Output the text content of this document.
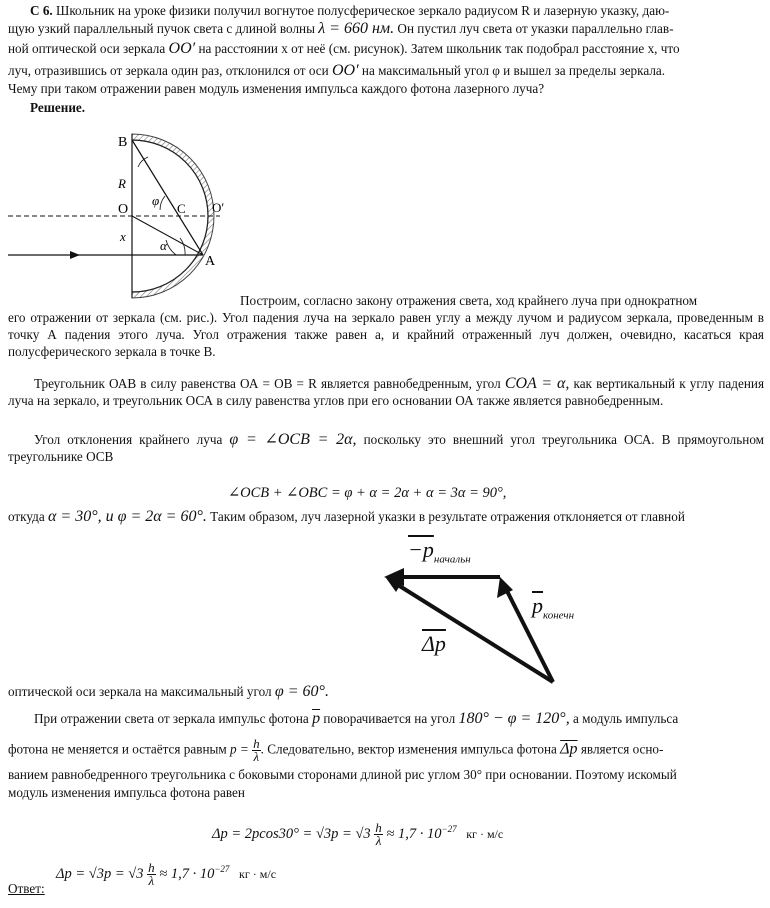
С 6. Школьник на уроке физики получил вогнутое полусферическое зеркало радиусом R и лазерную указку, даю-
щую узкий параллельный пучок света с длиной волны λ = 660 нм. Он пустил луч света от указки параллельно глав-
ной оптической оси зеркала OO′ на расстоянии x от неё (см. рисунок). Затем школьник так подобрал расстояние x, что
луч, отразившись от зеркала один раз, отклонился от оси OO′ на максимальный угол φ и вышел за пределы зеркала.
Чему при таком отражении равен модуль изменения импульса каждого фотона лазерного луча?
Решение.
B
R
O
φ
C O′
x
α
A
Построим, согласно закону отражения света, ход крайнего луча при однократном
его отражении от зеркала (см. рис.). Угол падения луча на зеркало равен углу а между лучом и радиусом зеркала, проведенным в точку А падения этого луча. Угол отражения также равен а, и крайний отраженный луч должен, очевидно, касаться края полусферического зеркала в точке В.
Треугольник ОАВ в силу равенства ОА = ОВ = R является равнобедренным, угол COA = α, как вертикальный к углу падения луча на зеркало, и треугольник ОСА в силу равенства углов при его основании ОА также является равнобедренным.
Угол отклонения крайнего луча φ = ∠OCB = 2α, поскольку это внешний угол треугольника ОСА. В прямоугольном треугольнике ОСВ
∠OCB + ∠OBC = φ + α = 2α + α = 3α = 90°,
откуда α = 30°, и φ = 2α = 60°. Таким образом, луч лазерной указки в результате отражения отклоняется от главной
$-p_{начальн}$
$\overline{p}_{конечн}$
$\overline{\Delta p}$
оптической оси зеркала на максимальный угол φ = 60°.
При отражении света от зеркала импульс фотона $\overline{p}$ поворачивается на угол 180° − φ = 120°, а модуль импульса
фотона не меняется и остаётся равным $p = \frac{h}{\lambda}$ . Следовательно, вектор изменения импульса фотона $\overline{\Delta p}$ является осно-
ванием равнобедренного треугольника с боковыми сторонами длиной рис углом 30° при основании. Поэтому искомый
модуль изменения импульса фотона равен
$\Delta p = 2pcos30^\circ = √3p = √3 \frac{h}{\lambda} \approx 1,7 \cdot 10^{-27}$ кг · м/с
Ответ:
$\Delta p = √3p = √3 \frac{h}{\lambda} \approx 1,7 \cdot 10^{-27}$ кг · м/с
